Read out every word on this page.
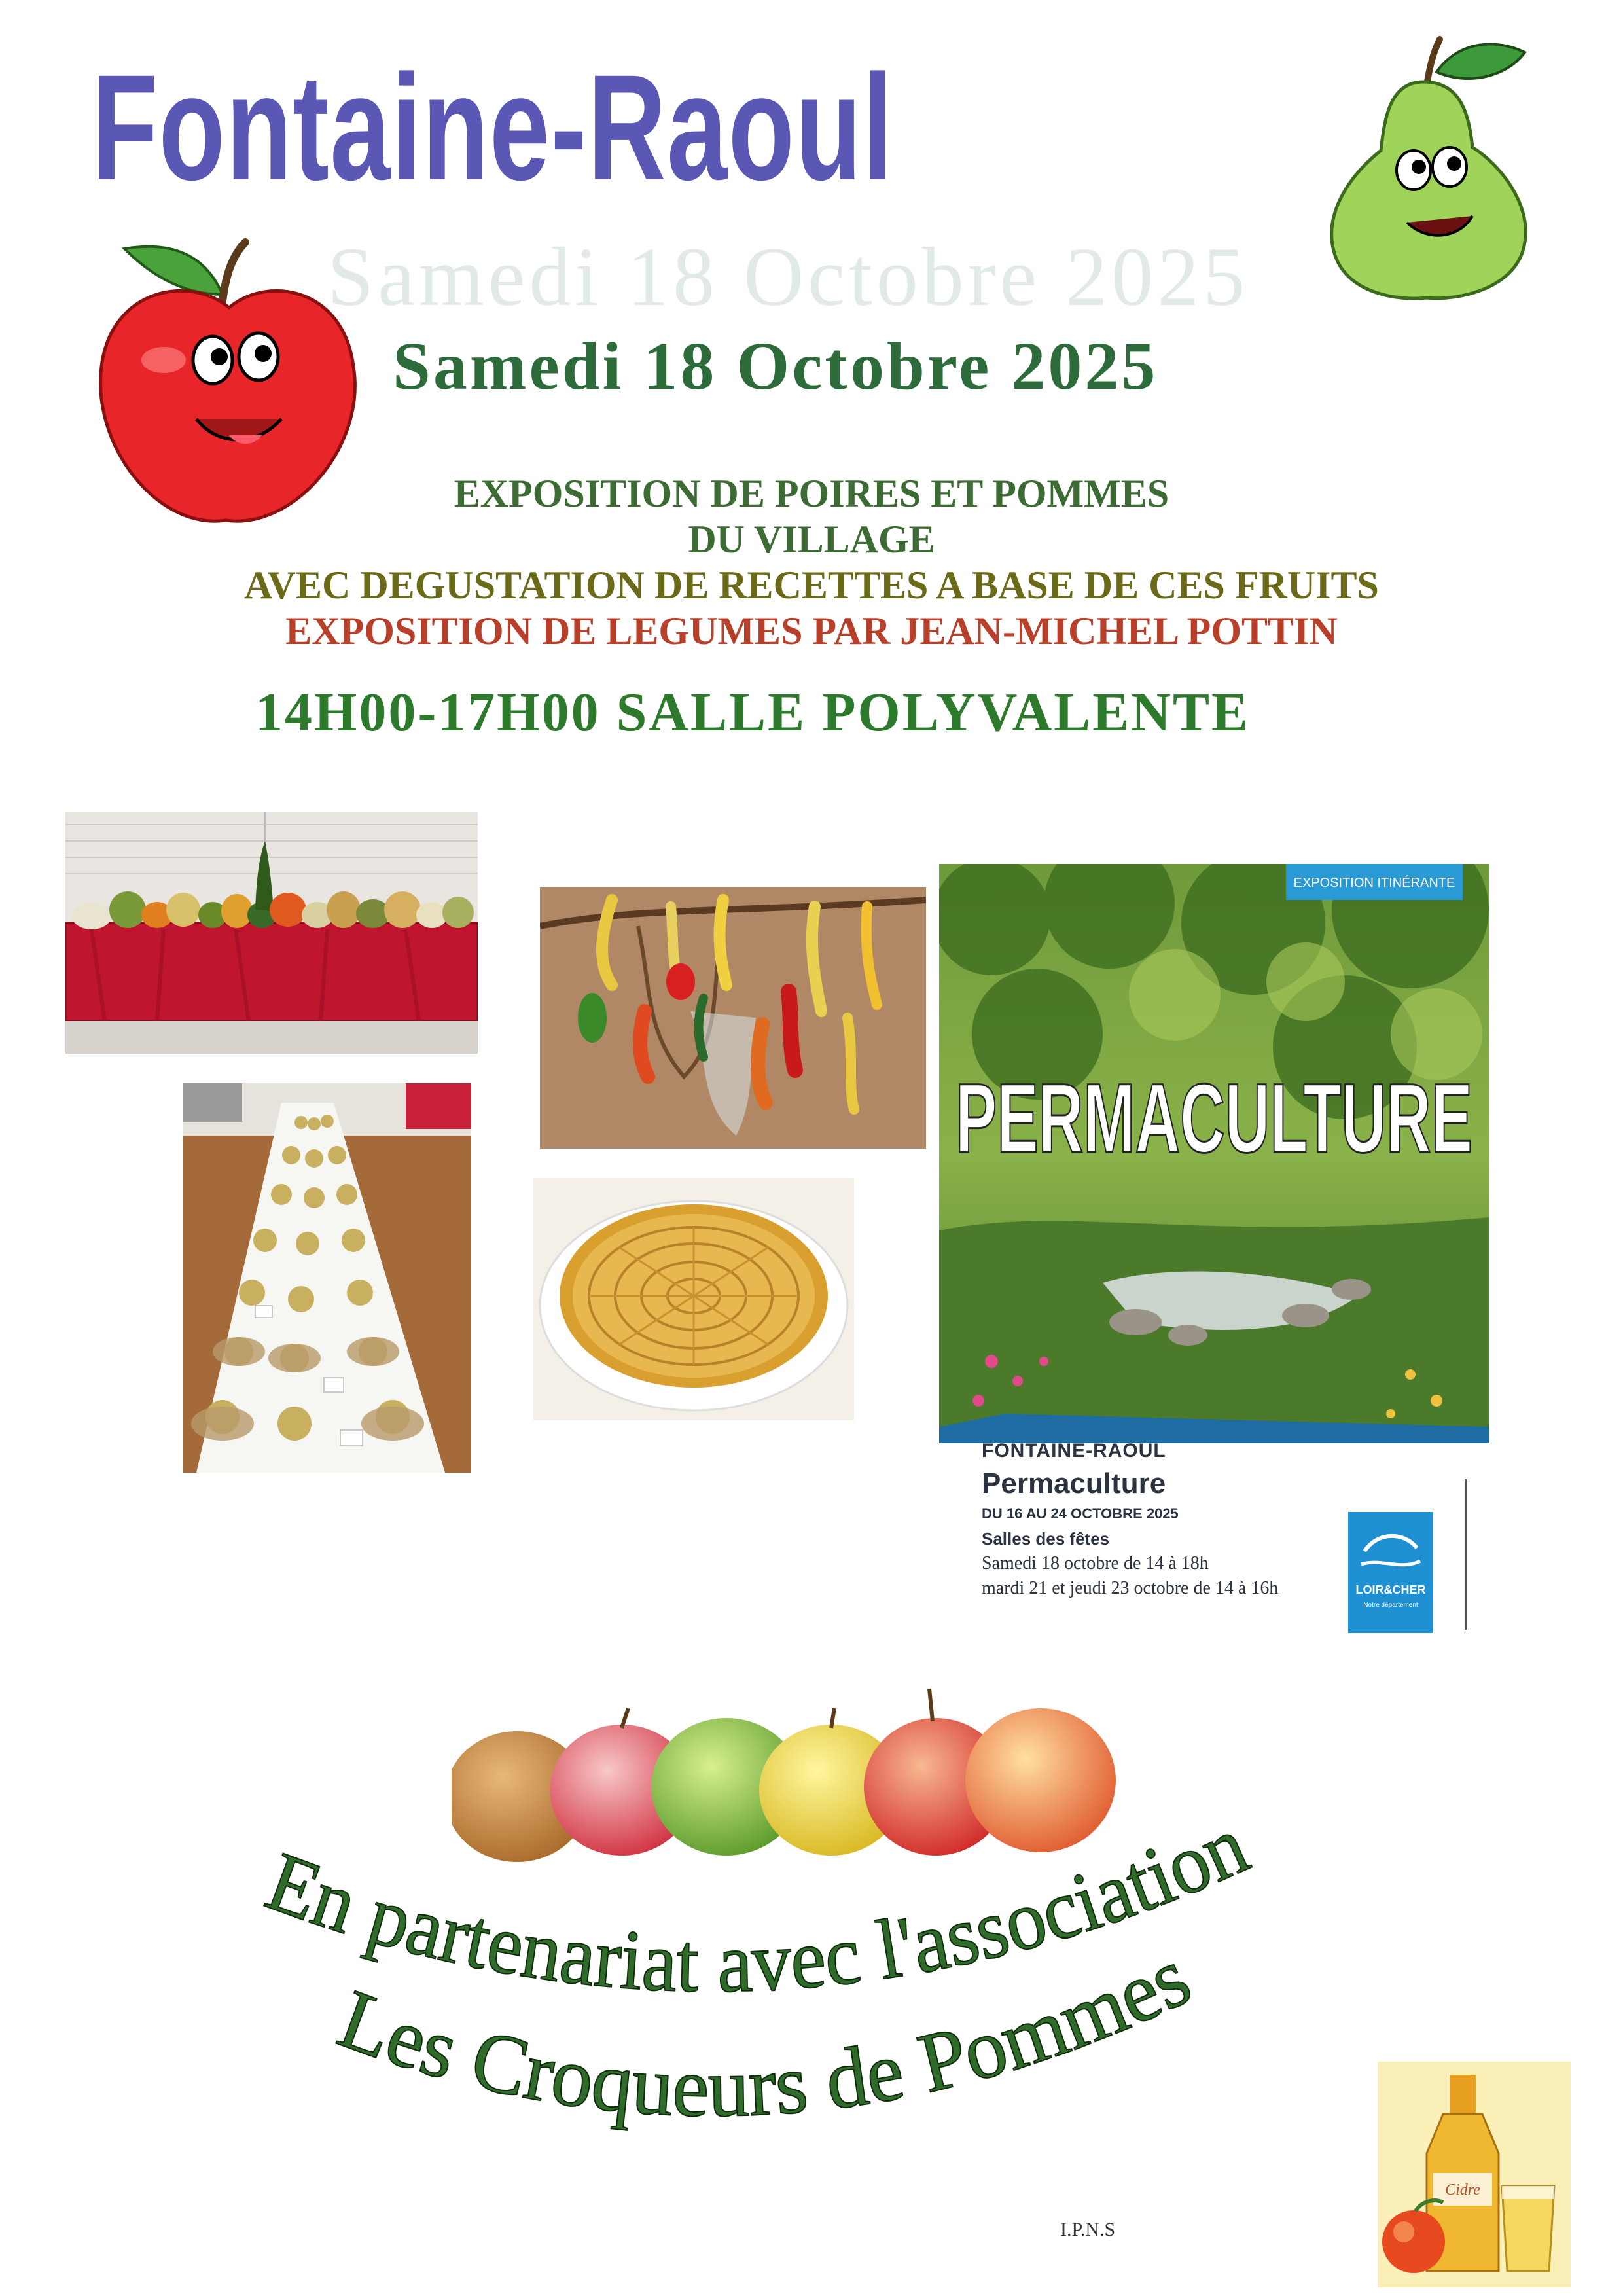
Fontaine-Raoul
Samedi 18 Octobre 2025
Samedi 18 Octobre 2025
EXPOSITION DE POIRES ET POMMES
DU VILLAGE
AVEC DEGUSTATION DE RECETTES A BASE DE CES FRUITS
EXPOSITION DE LEGUMES PAR JEAN-MICHEL POTTIN
14H00-17H00 SALLE POLYVALENTE
EXPOSITION ITINÉRANTE
PERMACULTURE
FONTAINE-RAOUL
Permaculture
DU 16 AU 24 OCTOBRE 2025
Salles des fêtes
Samedi 18 octobre de 14 à 18h
mardi 21 et jeudi 23 octobre de 14 à 16h	LOIR&CHER
Notre département
En partenariat avec l'association
Les Croqueurs de Pommes
Cidre
I.P.N.S
